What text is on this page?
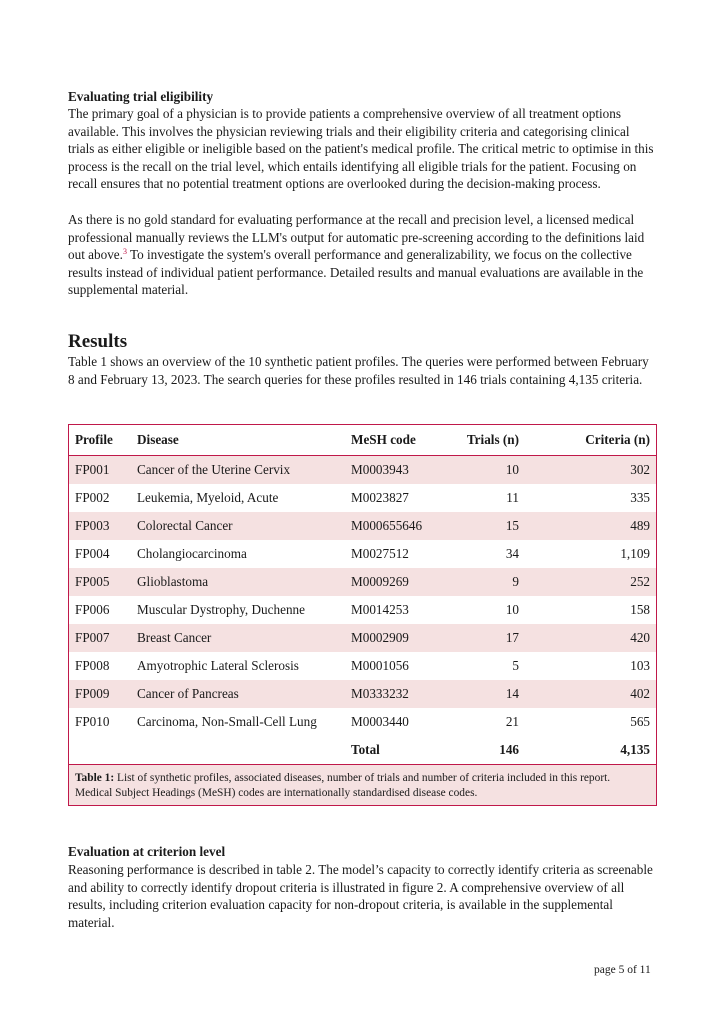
Evaluating trial eligibility
The primary goal of a physician is to provide patients a comprehensive overview of all treatment options available. This involves the physician reviewing trials and their eligibility criteria and categorising clinical trials as either eligible or ineligible based on the patient's medical profile. The critical metric to optimise in this process is the recall on the trial level, which entails identifying all eligible trials for the patient. Focusing on recall ensures that no potential treatment options are overlooked during the decision-making process.
As there is no gold standard for evaluating performance at the recall and precision level, a licensed medical professional manually reviews the LLM's output for automatic pre-screening according to the definitions laid out above.$^3$ To investigate the system's overall performance and generalizability, we focus on the collective results instead of individual patient performance. Detailed results and manual evaluations are available in the supplemental material.
Results
Table 1 shows an overview of the 10 synthetic patient profiles. The queries were performed between February 8 and February 13, 2023. The search queries for these profiles resulted in 146 trials containing 4,135 criteria.
Profile	Disease	MeSH code	Trials (n)	Criteria (n)
FP001	Cancer of the Uterine Cervix	M0003943	10	302
FP002	Leukemia, Myeloid, Acute	M0023827	11	335
FP003	Colorectal Cancer	M000655646	15	489
FP004	Cholangiocarcinoma	M0027512	34	1,109
FP005	Glioblastoma	M0009269	9	252
FP006	Muscular Dystrophy, Duchenne	M0014253	10	158
FP007	Breast Cancer	M0002909	17	420
FP008	Amyotrophic Lateral Sclerosis	M0001056	5	103
FP009	Cancer of Pancreas	M0333232	14	402
FP010	Carcinoma, Non-Small-Cell Lung	M0003440	21	565
		Total	146	4,135
Table 1: List of synthetic profiles, associated diseases, number of trials and number of criteria included in this report. Medical Subject Headings (MeSH) codes are internationally standardised disease codes.
Evaluation at criterion level
Reasoning performance is described in table 2. The model’s capacity to correctly identify criteria as screenable and ability to correctly identify dropout criteria is illustrated in figure 2. A comprehensive overview of all results, including criterion evaluation capacity for non-dropout criteria, is available in the supplemental material.
page 5 of 11
